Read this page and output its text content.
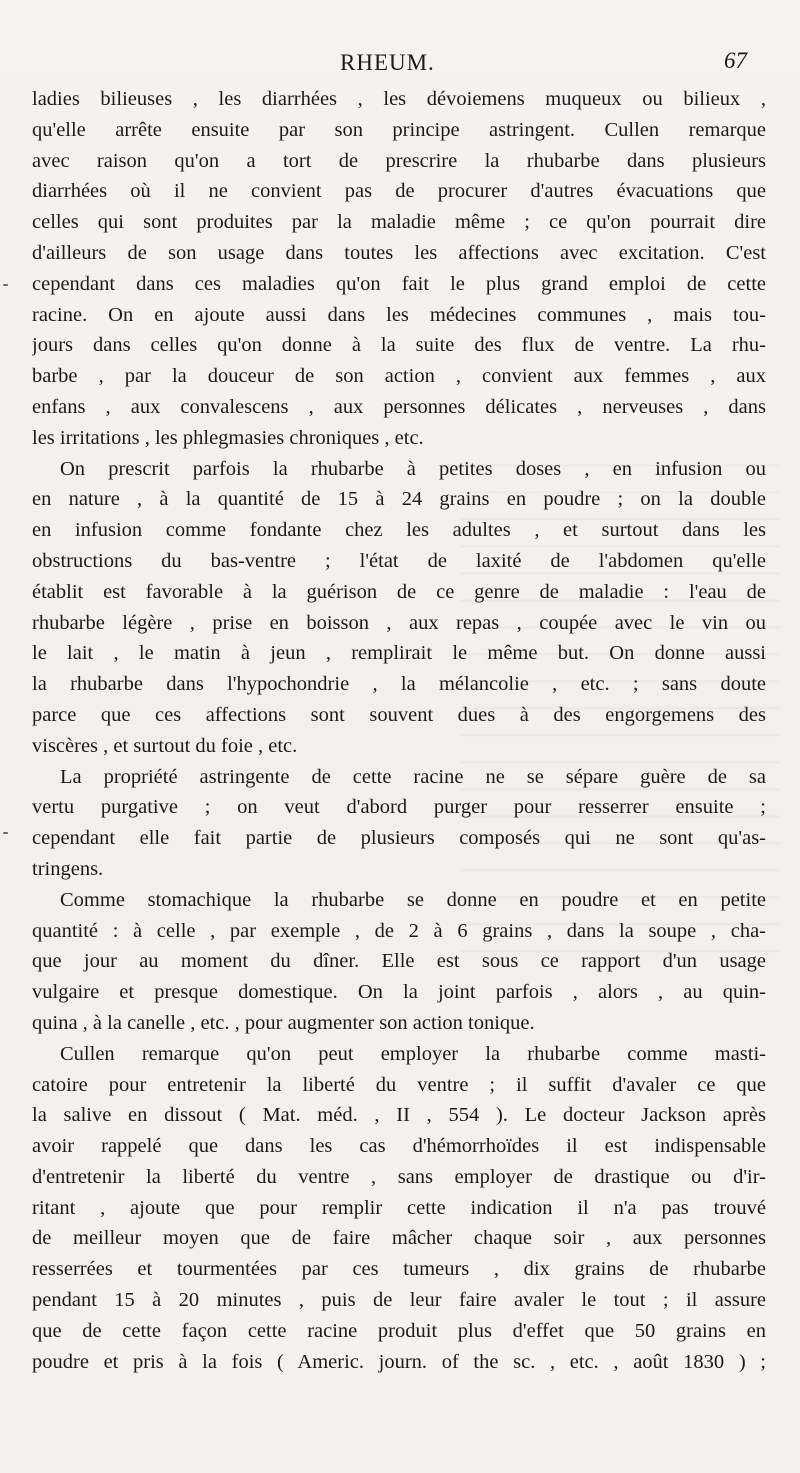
RHEUM.	67
ladies bilieuses , les diarrhées , les dévoiemens muqueux ou bilieux ,
qu'elle arrête ensuite par son principe astringent. Cullen remarque
avec raison qu'on a tort de prescrire la rhubarbe dans plusieurs
diarrhées où il ne convient pas de procurer d'autres évacuations que
celles qui sont produites par la maladie même ; ce qu'on pourrait dire
d'ailleurs de son usage dans toutes les affections avec excitation. C'est
cependant dans ces maladies qu'on fait le plus grand emploi de cette
racine. On en ajoute aussi dans les médecines communes , mais tou-
jours dans celles qu'on donne à la suite des flux de ventre. La rhu-
barbe , par la douceur de son action , convient aux femmes , aux
enfans , aux convalescens , aux personnes délicates , nerveuses , dans
les irritations , les phlegmasies chroniques , etc.
On prescrit parfois la rhubarbe à petites doses , en infusion ou
en nature , à la quantité de 15 à 24 grains en poudre ; on la double
en infusion comme fondante chez les adultes , et surtout dans les
obstructions du bas-ventre ; l'état de laxité de l'abdomen qu'elle
établit est favorable à la guérison de ce genre de maladie : l'eau de
rhubarbe légère , prise en boisson , aux repas , coupée avec le vin ou
le lait , le matin à jeun , remplirait le même but. On donne aussi
la rhubarbe dans l'hypochondrie , la mélancolie , etc. ; sans doute
parce que ces affections sont souvent dues à des engorgemens des
viscères , et surtout du foie , etc.
La propriété astringente de cette racine ne se sépare guère de sa
vertu purgative ; on veut d'abord purger pour resserrer ensuite ;
cependant elle fait partie de plusieurs composés qui ne sont qu'as-
tringens.
Comme stomachique la rhubarbe se donne en poudre et en petite
quantité : à celle , par exemple , de 2 à 6 grains , dans la soupe , cha-
que jour au moment du dîner. Elle est sous ce rapport d'un usage
vulgaire et presque domestique. On la joint parfois , alors , au quin-
quina , à la canelle , etc. , pour augmenter son action tonique.
Cullen remarque qu'on peut employer la rhubarbe comme masti-
catoire pour entretenir la liberté du ventre ; il suffit d'avaler ce que
la salive en dissout ( Mat. méd. , II , 554 ). Le docteur Jackson après
avoir rappelé que dans les cas d'hémorrhoïdes il est indispensable
d'entretenir la liberté du ventre , sans employer de drastique ou d'ir-
ritant , ajoute que pour remplir cette indication il n'a pas trouvé
de meilleur moyen que de faire mâcher chaque soir , aux personnes
resserrées et tourmentées par ces tumeurs , dix grains de rhubarbe
pendant 15 à 20 minutes , puis de leur faire avaler le tout ; il assure
que de cette façon cette racine produit plus d'effet que 50 grains en
poudre et pris à la fois ( Americ. journ. of the sc. , etc. , août 1830 ) ;
